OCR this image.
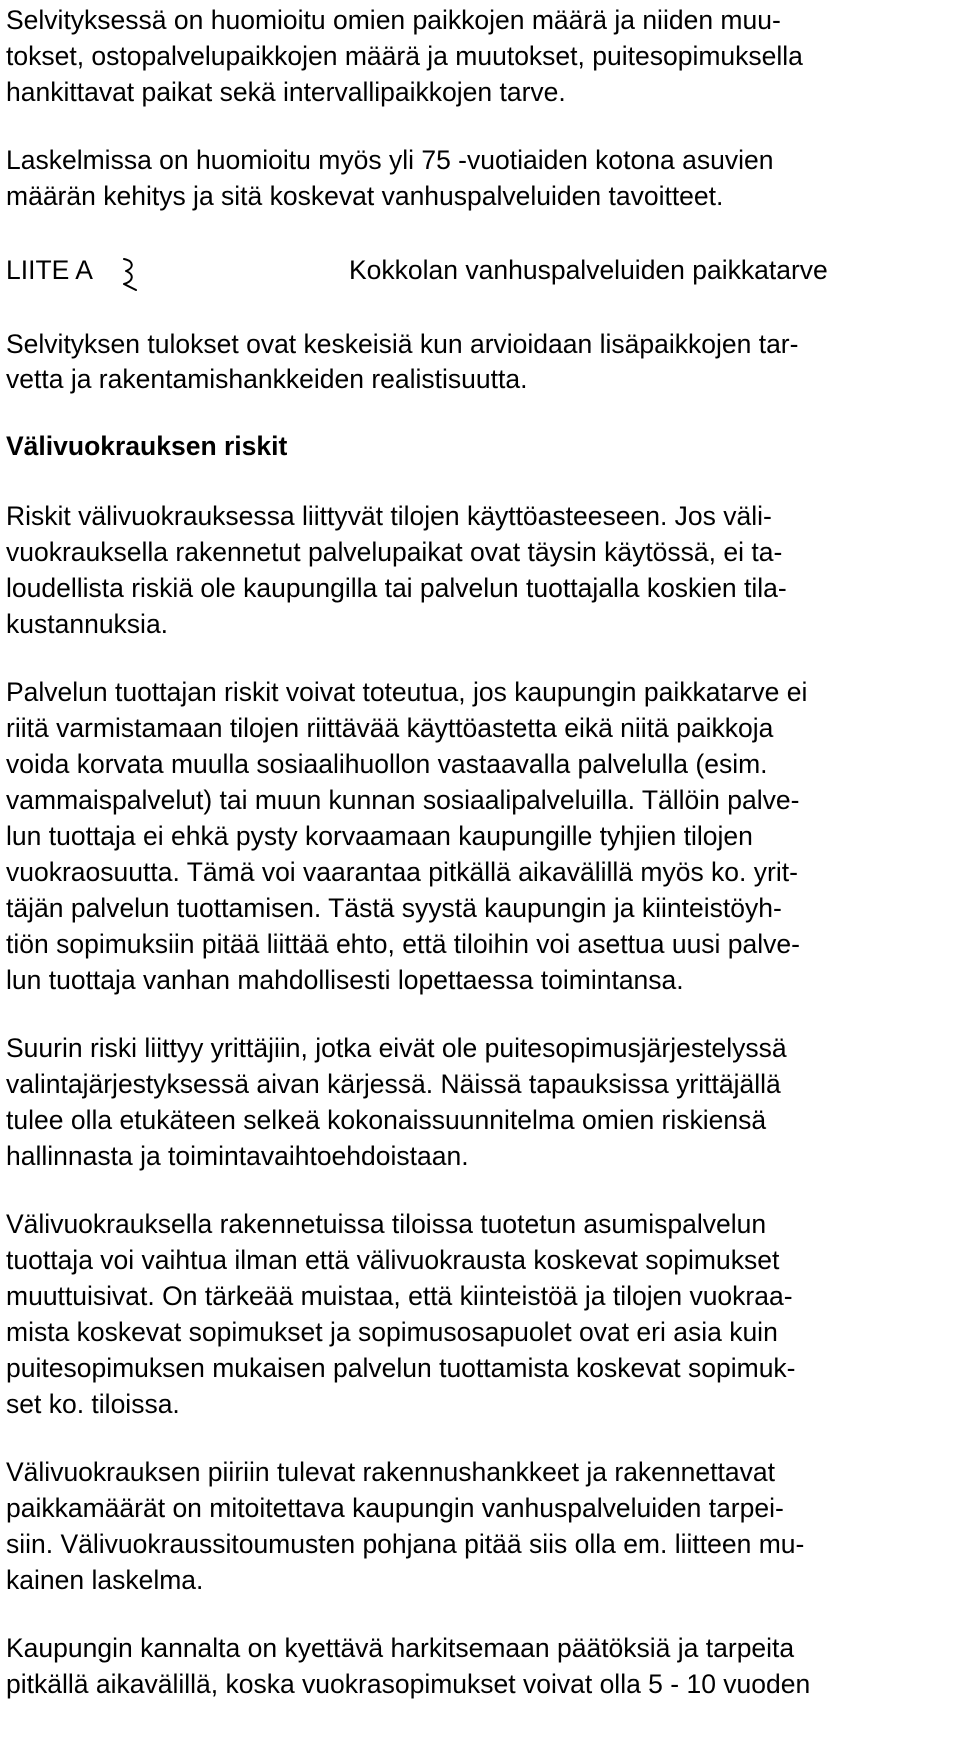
Selvityksessä on huomioitu omien paikkojen määrä ja niiden muu-
tokset, ostopalvelupaikkojen määrä ja muutokset, puitesopimuksella
hankittavat paikat sekä intervallipaikkojen tarve.
Laskelmissa on huomioitu myös yli 75 -vuotiaiden kotona asuvien
määrän kehitys ja sitä koskevat vanhuspalveluiden tavoitteet.
LIITE A	Kokkolan vanhuspalveluiden paikkatarve
Selvityksen tulokset ovat keskeisiä kun arvioidaan lisäpaikkojen tar-
vetta ja rakentamishankkeiden realistisuutta.
Välivuokrauksen riskit
Riskit välivuokrauksessa liittyvät tilojen käyttöasteeseen. Jos väli-
vuokrauksella rakennetut palvelupaikat ovat täysin käytössä, ei ta-
loudellista riskiä ole kaupungilla tai palvelun tuottajalla koskien tila-
kustannuksia.
Palvelun tuottajan riskit voivat toteutua, jos kaupungin paikkatarve ei
riitä varmistamaan tilojen riittävää käyttöastetta eikä niitä paikkoja
voida korvata muulla sosiaalihuollon vastaavalla palvelulla (esim.
vammaispalvelut) tai muun kunnan sosiaalipalveluilla. Tällöin palve-
lun tuottaja ei ehkä pysty korvaamaan kaupungille tyhjien tilojen
vuokraosuutta. Tämä voi vaarantaa pitkällä aikavälillä myös ko. yrit-
täjän palvelun tuottamisen. Tästä syystä kaupungin ja kiinteistöyh-
tiön sopimuksiin pitää liittää ehto, että tiloihin voi asettua uusi palve-
lun tuottaja vanhan mahdollisesti lopettaessa toimintansa.
Suurin riski liittyy yrittäjiin, jotka eivät ole puitesopimusjärjestelyssä
valintajärjestyksessä aivan kärjessä. Näissä tapauksissa yrittäjällä
tulee olla etukäteen selkeä kokonaissuunnitelma omien riskiensä
hallinnasta ja toimintavaihtoehdoistaan.
Välivuokrauksella rakennetuissa tiloissa tuotetun asumispalvelun
tuottaja voi vaihtua ilman että välivuokrausta koskevat sopimukset
muuttuisivat. On tärkeää muistaa, että kiinteistöä ja tilojen vuokraa-
mista koskevat sopimukset ja sopimusosapuolet ovat eri asia kuin
puitesopimuksen mukaisen palvelun tuottamista koskevat sopimuk-
set ko. tiloissa.
Välivuokrauksen piiriin tulevat rakennushankkeet ja rakennettavat
paikkamäärät on mitoitettava kaupungin vanhuspalveluiden tarpei-
siin. Välivuokraussitoumusten pohjana pitää siis olla em. liitteen mu-
kainen laskelma.
Kaupungin kannalta on kyettävä harkitsemaan päätöksiä ja tarpeita
pitkällä aikavälillä, koska vuokrasopimukset voivat olla 5 - 10 vuoden
